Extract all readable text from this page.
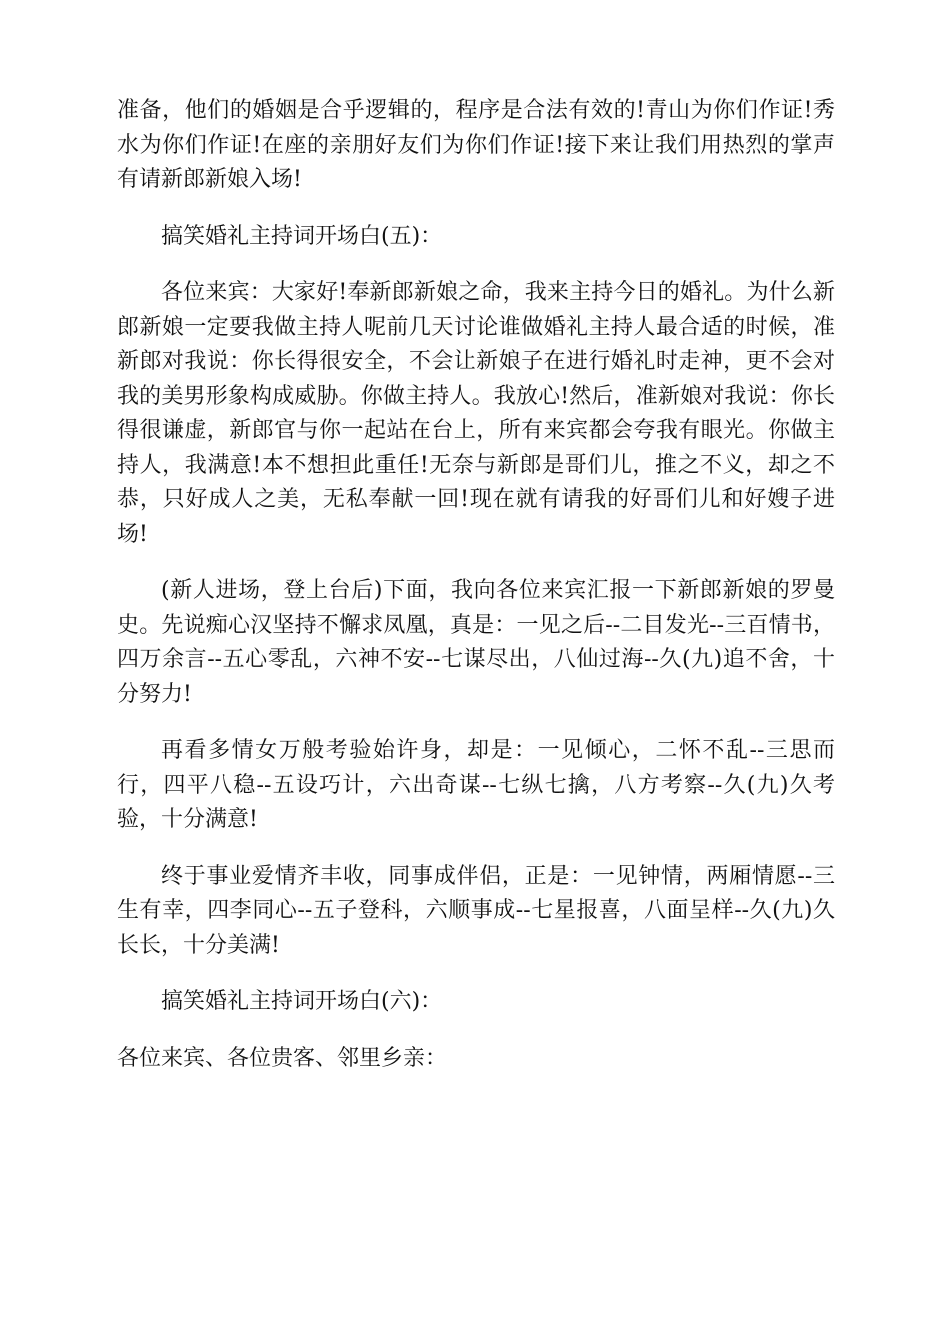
准备，他们的婚姻是合乎逻辑的，程序是合法有效的!青山为你们作证!秀水为你们作证!在座的亲朋好友们为你们作证!接下来让我们用热烈的掌声有请新郎新娘入场!

搞笑婚礼主持词开场白(五)：

各位来宾：大家好!奉新郎新娘之命，我来主持今日的婚礼。为什么新郎新娘一定要我做主持人呢前几天讨论谁做婚礼主持人最合适的时候，准新郎对我说：你长得很安全，不会让新娘子在进行婚礼时走神，更不会对我的美男形象构成威胁。你做主持人。我放心!然后，准新娘对我说：你长得很谦虚，新郎官与你一起站在台上，所有来宾都会夸我有眼光。你做主持人，我满意!本不想担此重任!无奈与新郎是哥们儿，推之不义，却之不恭，只好成人之美，无私奉献一回!现在就有请我的好哥们儿和好嫂子进场!

(新人进场，登上台后)下面，我向各位来宾汇报一下新郎新娘的罗曼史。先说痴心汉坚持不懈求凤凰，真是：一见之后--二目发光--三百情书，四万余言--五心零乱，六神不安--七谋尽出，八仙过海--久(九)追不舍，十分努力!

再看多情女万般考验始许身，却是：一见倾心，二怀不乱--三思而行，四平八稳--五设巧计，六出奇谋--七纵七擒，八方考察--久(九)久考验，十分满意!

终于事业爱情齐丰收，同事成伴侣，正是：一见钟情，两厢情愿--三生有幸，四李同心--五子登科，六顺事成--七星报喜，八面呈样--久(九)久长长，十分美满!

搞笑婚礼主持词开场白(六)：

各位来宾、各位贵客、邻里乡亲：
